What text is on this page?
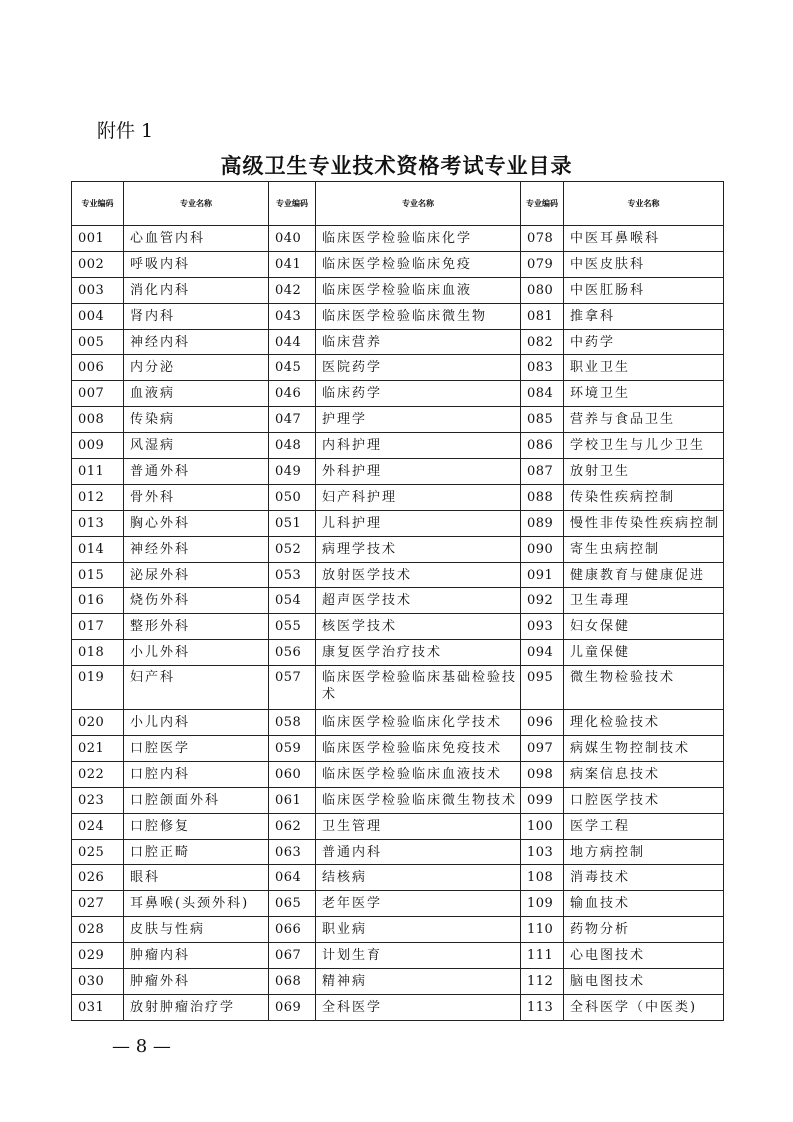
附件 1
高级卫生专业技术资格考试专业目录
专业编码	专业名称	专业编码	专业名称	专业编码	专业名称
001	心血管内科	040	临床医学检验临床化学	078	中医耳鼻喉科
002	呼吸内科	041	临床医学检验临床免疫	079	中医皮肤科
003	消化内科	042	临床医学检验临床血液	080	中医肛肠科
004	肾内科	043	临床医学检验临床微生物	081	推拿科
005	神经内科	044	临床营养	082	中药学
006	内分泌	045	医院药学	083	职业卫生
007	血液病	046	临床药学	084	环境卫生
008	传染病	047	护理学	085	营养与食品卫生
009	风湿病	048	内科护理	086	学校卫生与儿少卫生
011	普通外科	049	外科护理	087	放射卫生
012	骨外科	050	妇产科护理	088	传染性疾病控制
013	胸心外科	051	儿科护理	089	慢性非传染性疾病控制
014	神经外科	052	病理学技术	090	寄生虫病控制
015	泌尿外科	053	放射医学技术	091	健康教育与健康促进
016	烧伤外科	054	超声医学技术	092	卫生毒理
017	整形外科	055	核医学技术	093	妇女保健
018	小儿外科	056	康复医学治疗技术	094	儿童保健
019	妇产科	057	临床医学检验临床基础检验技术	095	微生物检验技术
020	小儿内科	058	临床医学检验临床化学技术	096	理化检验技术
021	口腔医学	059	临床医学检验临床免疫技术	097	病媒生物控制技术
022	口腔内科	060	临床医学检验临床血液技术	098	病案信息技术
023	口腔颌面外科	061	临床医学检验临床微生物技术	099	口腔医学技术
024	口腔修复	062	卫生管理	100	医学工程
025	口腔正畸	063	普通内科	103	地方病控制
026	眼科	064	结核病	108	消毒技术
027	耳鼻喉(头颈外科)	065	老年医学	109	输血技术
028	皮肤与性病	066	职业病	110	药物分析
029	肿瘤内科	067	计划生育	111	心电图技术
030	肿瘤外科	068	精神病	112	脑电图技术
031	放射肿瘤治疗学	069	全科医学	113	全科医学（中医类)
— 8 —
